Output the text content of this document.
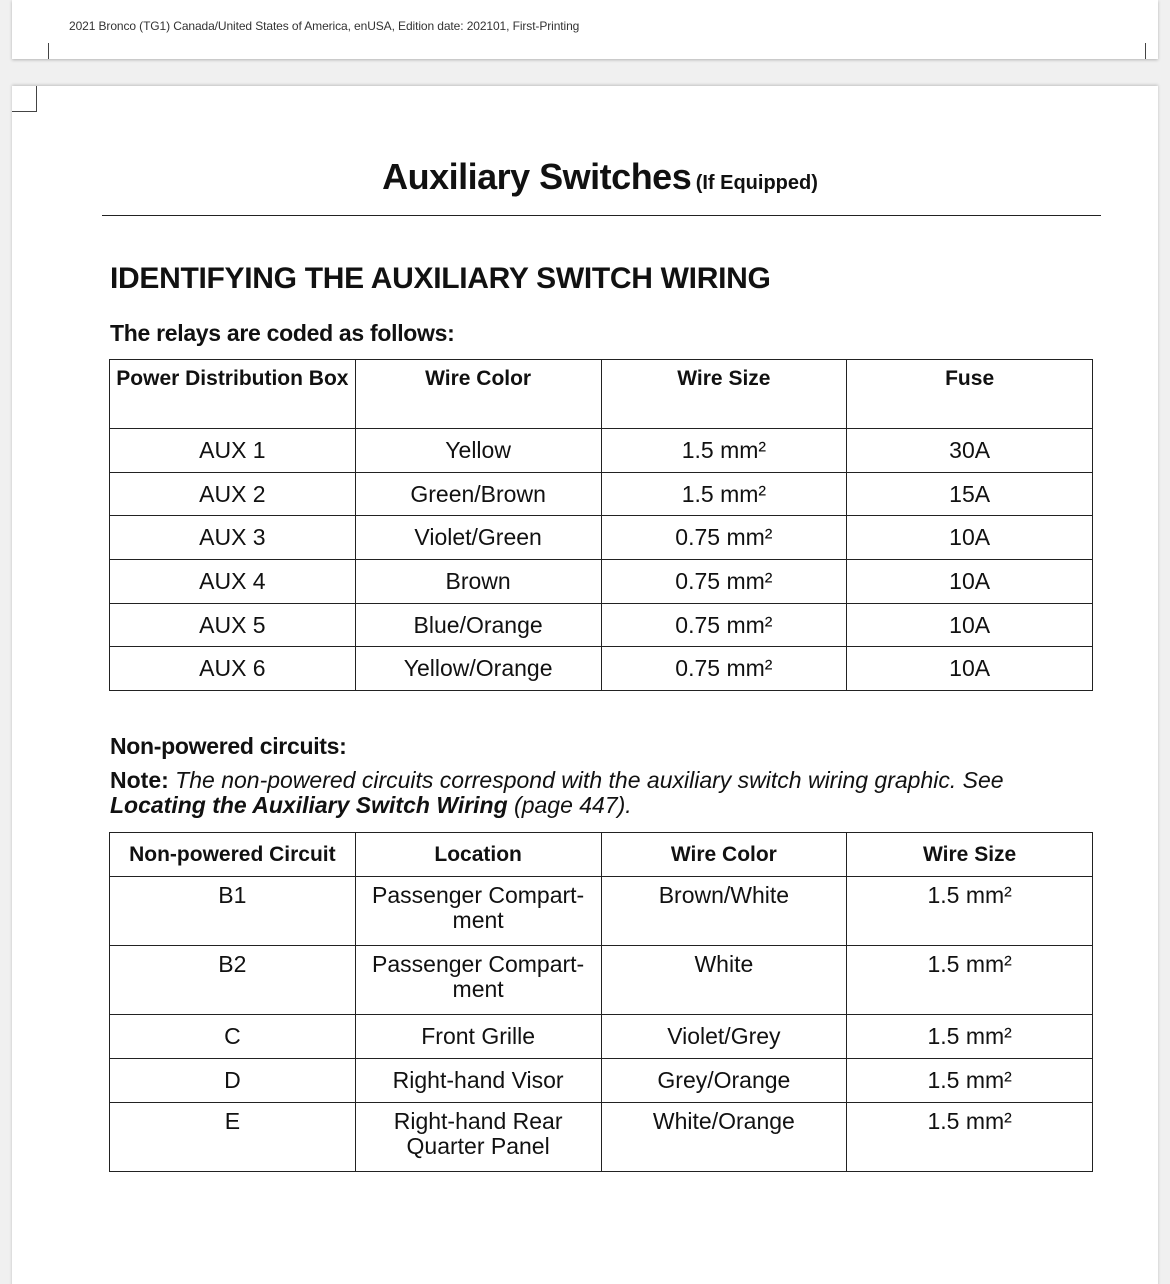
2021 Bronco (TG1) Canada/United States of America, enUSA, Edition date: 202101, First-Printing
Auxiliary Switches (If Equipped)
IDENTIFYING THE AUXILIARY SWITCH WIRING
The relays are coded as follows:
Power Distribution Box	Wire Color	Wire Size	Fuse
AUX 1	Yellow	1.5 mm²	30A
AUX 2	Green/Brown	1.5 mm²	15A
AUX 3	Violet/Green	0.75 mm²	10A
AUX 4	Brown	0.75 mm²	10A
AUX 5	Blue/Orange	0.75 mm²	10A
AUX 6	Yellow/Orange	0.75 mm²	10A
Non-powered circuits:
Note: The non-powered circuits correspond with the auxiliary switch wiring graphic. See Locating the Auxiliary Switch Wiring (page 447).
Non-powered Circuit	Location	Wire Color	Wire Size
B1	Passenger Compart-ment	Brown/White	1.5 mm²
B2	Passenger Compart-ment	White	1.5 mm²
C	Front Grille	Violet/Grey	1.5 mm²
D	Right-hand Visor	Grey/Orange	1.5 mm²
E	Right-hand Rear Quarter Panel	White/Orange	1.5 mm²
